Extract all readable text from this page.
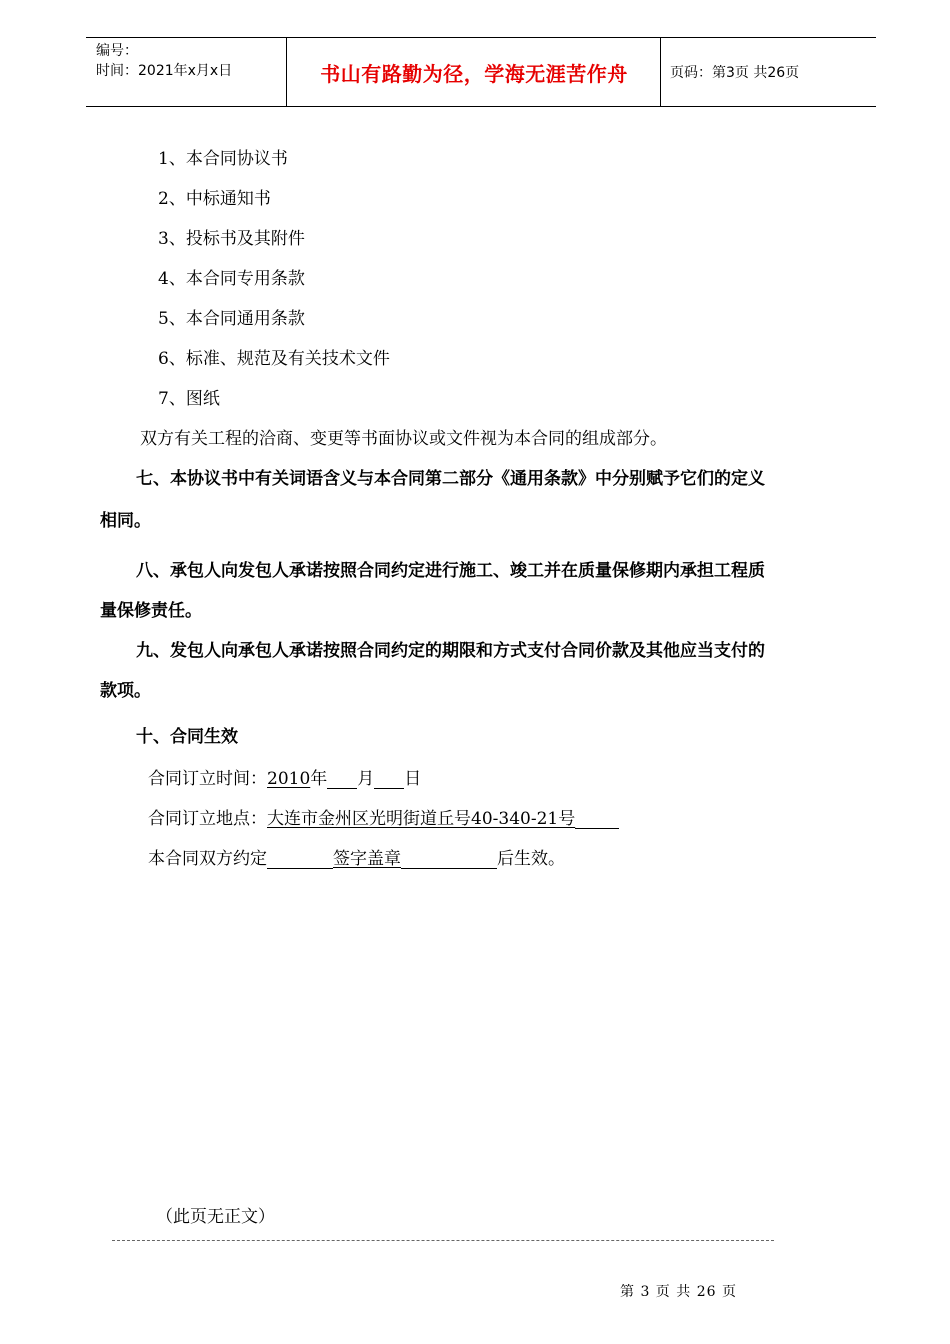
编号：
时间：2021年x月x日	书山有路勤为径，学海无涯苦作舟	页码：第3页 共26页
1、本合同协议书
2、中标通知书
3、投标书及其附件
4、本合同专用条款
5、本合同通用条款
6、标准、规范及有关技术文件
7、图纸
双方有关工程的洽商、变更等书面协议或文件视为本合同的组成部分。
七、本协议书中有关词语含义与本合同第二部分《通用条款》中分别赋予它们的定义
相同。
八、承包人向发包人承诺按照合同约定进行施工、竣工并在质量保修期内承担工程质
量保修责任。
九、发包人向承包人承诺按照合同约定的期限和方式支付合同价款及其他应当支付的
款项。
十、合同生效
合同订立时间：2010年 月 日
合同订立地点：大连市金州区光明街道丘号40-340-21号
本合同双方约定	签字盖章	后生效。
（此页无正文）
第 3 页 共 26 页
